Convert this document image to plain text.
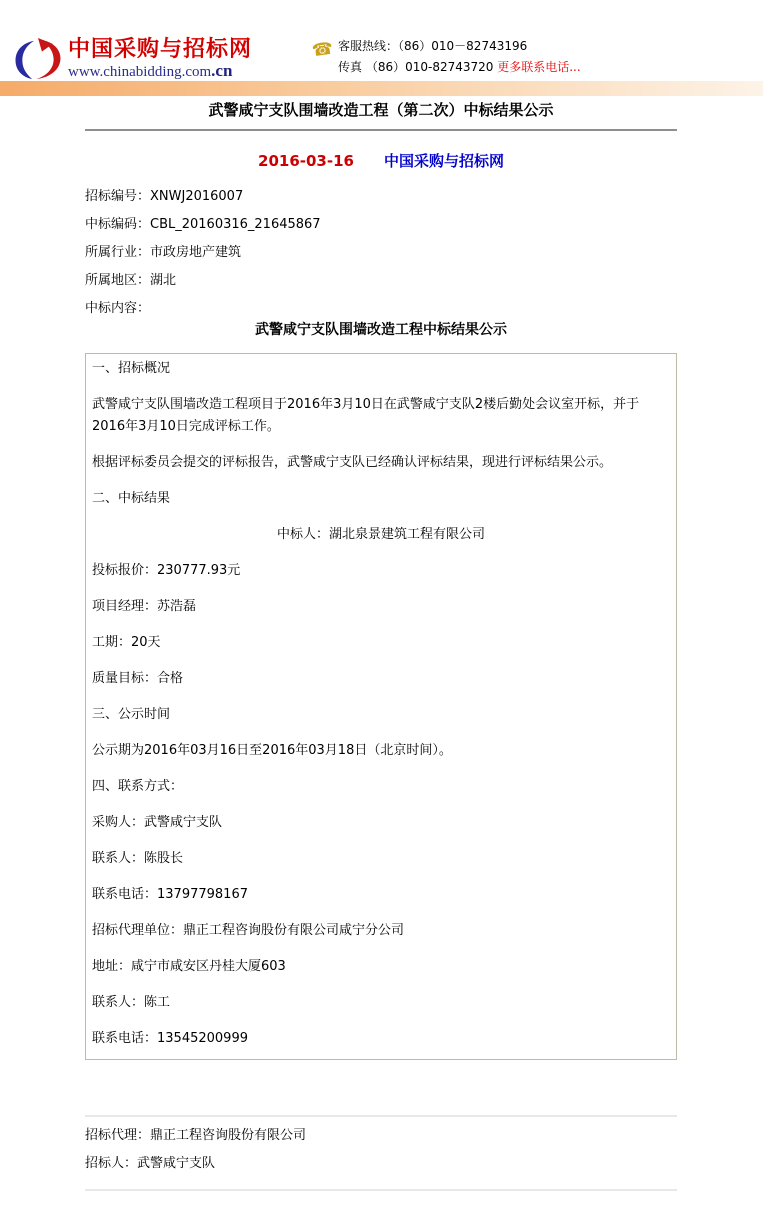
中国采购与招标网
www.chinabidding.com.cn
☎ 客服热线：（86）010－82743196
传真 （86）010-82743720 更多联系电话...
武警咸宁支队围墙改造工程（第二次）中标结果公示
2016-03-16 中国采购与招标网
招标编号：XNWJ2016007
中标编码：CBL_20160316_21645867
所属行业：市政房地产建筑
所属地区：湖北
中标内容：
武警咸宁支队围墙改造工程中标结果公示
一、招标概况
武警咸宁支队围墙改造工程项目于2016年3月10日在武警咸宁支队2楼后勤处会议室开标，并于2016年3月10日完成评标工作。
根据评标委员会提交的评标报告，武警咸宁支队已经确认评标结果，现进行评标结果公示。
二、中标结果
中标人：湖北泉景建筑工程有限公司
投标报价：230777.93元
项目经理：苏浩磊
工期：20天
质量目标：合格
三、公示时间
公示期为2016年03月16日至2016年03月18日（北京时间）。
四、联系方式：
采购人：武警咸宁支队
联系人：陈股长
联系电话：13797798167
招标代理单位：鼎正工程咨询股份有限公司咸宁分公司
地址：咸宁市咸安区丹桂大厦603
联系人：陈工
联系电话：13545200999
招标代理：鼎正工程咨询股份有限公司
招标人：武警咸宁支队
